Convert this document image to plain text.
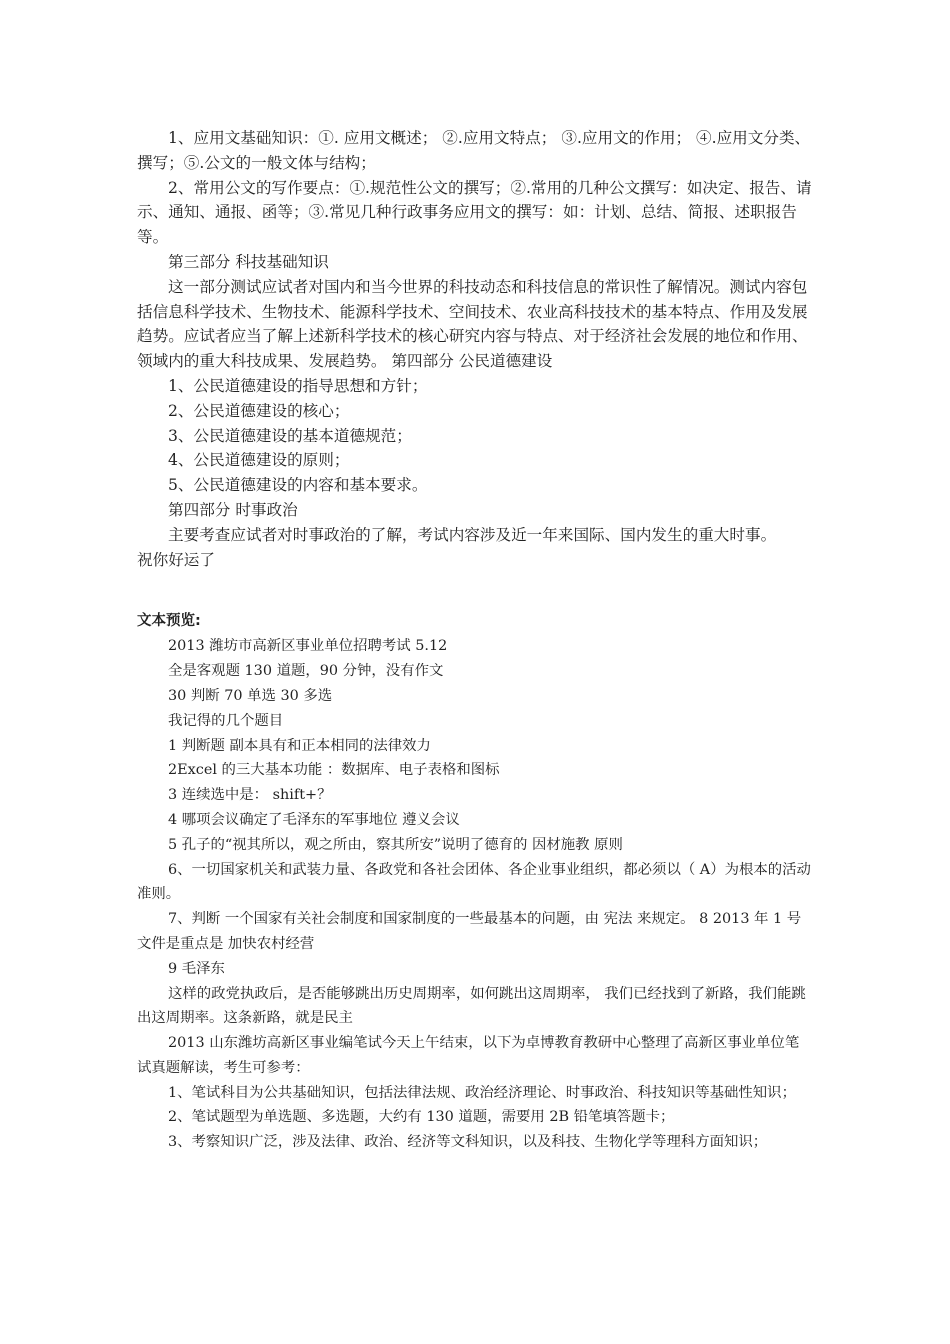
1、应用文基础知识：①. 应用文概述； ②.应用文特点； ③.应用文的作用； ④.应用文分类、撰写；⑤.公文的一般文体与结构；

2、常用公文的写作要点：①.规范性公文的撰写；②.常用的几种公文撰写：如决定、报告、请示、通知、通报、函等；③.常见几种行政事务应用文的撰写：如：计划、总结、简报、述职报告等。

第三部分 科技基础知识

这一部分测试应试者对国内和当今世界的科技动态和科技信息的常识性了解情况。测试内容包括信息科学技术、生物技术、能源科学技术、空间技术、农业高科技技术的基本特点、作用及发展趋势。应试者应当了解上述新科学技术的核心研究内容与特点、对于经济社会发展的地位和作用、领域内的重大科技成果、发展趋势。 第四部分 公民道德建设

1、公民道德建设的指导思想和方针；

2、公民道德建设的核心；

3、公民道德建设的基本道德规范；

4、公民道德建设的原则；

5、公民道德建设的内容和基本要求。

第四部分 时事政治

主要考查应试者对时事政治的了解，考试内容涉及近一年来国际、国内发生的重大时事。

祝你好运了

文本预览:

2013 潍坊市高新区事业单位招聘考试 5.12

全是客观题 130 道题，90 分钟，没有作文

30 判断 70 单选 30 多选

我记得的几个题目

1 判断题 副本具有和正本相同的法律效力

2Excel 的三大基本功能 ：数据库、电子表格和图标

3 连续选中是： shift+？

4 哪项会议确定了毛泽东的军事地位 遵义会议

5 孔子的“视其所以，观之所由，察其所安”说明了德育的 因材施教 原则

6、一切国家机关和武装力量、各政党和各社会团体、各企业事业组织，都必须以（ A）为根本的活动准则。

7、判断 一个国家有关社会制度和国家制度的一些最基本的问题，由 宪法 来规定。 8 2013 年 1 号文件是重点是 加快农村经营

9 毛泽东

这样的政党执政后，是否能够跳出历史周期率，如何跳出这周期率， 我们已经找到了新路，我们能跳出这周期率。这条新路，就是民主

2013 山东潍坊高新区事业编笔试今天上午结束，以下为卓博教育教研中心整理了高新区事业单位笔试真题解读，考生可参考：

1、笔试科目为公共基础知识，包括法律法规、政治经济理论、时事政治、科技知识等基础性知识；

2、笔试题型为单选题、多选题，大约有 130 道题，需要用 2B 铅笔填答题卡；

3、考察知识广泛，涉及法律、政治、经济等文科知识，以及科技、生物化学等理科方面知识；
